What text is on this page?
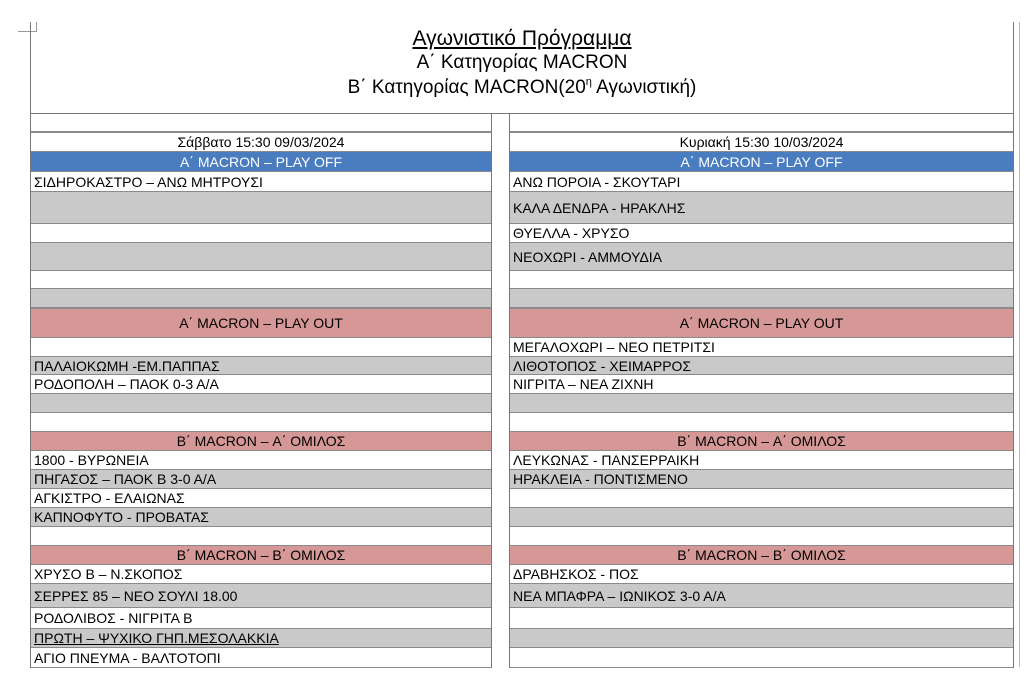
Αγωνιστικό Πρόγραμμα
Α΄ Κατηγορίας MACRON
Β΄ Κατηγορίας $MACRON(20^\eta$ Αγωνιστική)
Σάββατο 15:30 09/03/2024
Α΄ MACRON – PLAY OFF
ΣΙΔΗΡΟΚΑΣΤΡΟ – ΑΝΩ ΜΗΤΡΟΥΣΙ
Α΄ MACRON – PLAY OUT
ΠΑΛΑΙΟΚΩΜΗ -ΕΜ.ΠΑΠΠΑΣ
ΡΟΔΟΠΟΛΗ – ΠΑΟΚ 0-3 Α/Α
Β΄ MACRON – Α΄ ΟΜΙΛΟΣ
1800 - ΒΥΡΩΝΕΙΑ
ΠΗΓΑΣΟΣ – ΠΑΟΚ Β 3-0 Α/Α
ΑΓΚΙΣΤΡΟ - ΕΛΑΙΩΝΑΣ
ΚΑΠΝΟΦΥΤΟ - ΠΡΟΒΑΤΑΣ
Β΄ MACRON – Β΄ ΟΜΙΛΟΣ
ΧΡΥΣΟ Β – Ν.ΣΚΟΠΟΣ
ΣΕΡΡΕΣ 85 – ΝΕΟ ΣΟΥΛΙ 18.00
ΡΟΔΟΛΙΒΟΣ - ΝΙΓΡΙΤΑ Β
ΠΡΩΤΗ – ΨΥΧΙΚΟ ΓΗΠ.ΜΕΣΟΛΑΚΚΙΑ
ΑΓΙΟ ΠΝΕΥΜΑ - ΒΑΛΤΟΤΟΠΙ
Κυριακή 15:30 10/03/2024
Α΄ MACRON – PLAY OFF
ΑΝΩ ΠΟΡΟΙΑ - ΣΚΟΥΤΑΡΙ
ΚΑΛΑ ΔΕΝΔΡΑ - ΗΡΑΚΛΗΣ
ΘΥΕΛΛΑ - ΧΡΥΣΟ
ΝΕΟΧΩΡΙ - ΑΜΜΟΥΔΙΑ
Α΄ MACRON – PLAY OUT
ΜΕΓΑΛΟΧΩΡΙ – ΝΕΟ ΠΕΤΡΙΤΣΙ
ΛΙΘΟΤΟΠΟΣ - ΧΕΙΜΑΡΡΟΣ
ΝΙΓΡΙΤΑ – ΝΕΑ ΖΙΧΝΗ
Β΄ MACRON – Α΄ ΟΜΙΛΟΣ
ΛΕΥΚΩΝΑΣ - ΠΑΝΣΕΡΡΑΙΚΗ
ΗΡΑΚΛΕΙΑ - ΠΟΝΤΙΣΜΕΝΟ
Β΄ MACRON – Β΄ ΟΜΙΛΟΣ
ΔΡΑΒΗΣΚΟΣ - ΠΟΣ
ΝΕΑ ΜΠΑΦΡΑ – ΙΩΝΙΚΟΣ 3-0 Α/Α
